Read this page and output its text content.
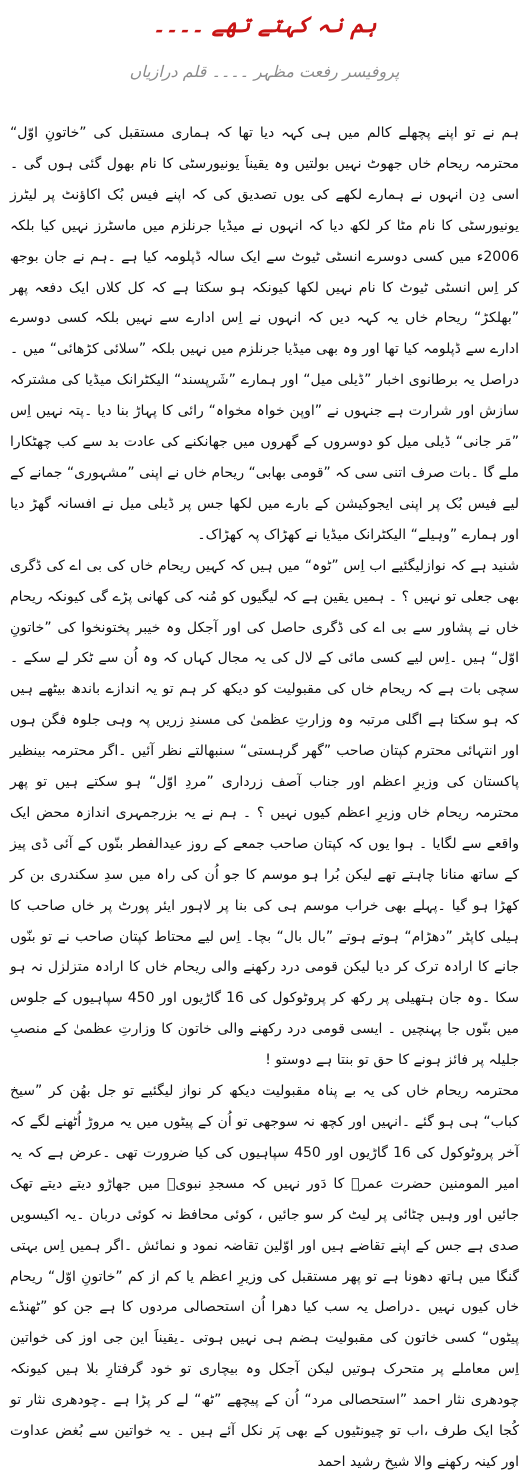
ہم نہ کہتے تھے ۔۔۔۔
پروفیسر رفعت مظہر ۔۔۔۔ قلم درازیاں

ہم نے تو اپنے پچھلے کالم میں ہی کہہ دیا تھا کہ ہماری مستقبل کی ”خاتونِ اوّل“ محترمہ ریحام خاں جھوٹ نہیں بولتیں وہ یقیناََ یونیورسٹی کا نام بھول گئی ہوں گی ۔اسی دِن انہوں نے ہمارے لکھے کی یوں تصدیق کی کہ اپنے فیس بُک اکاؤنٹ پر لیٹرز یونیورسٹی کا نام مٹا کر لکھ دیا کہ انہوں نے میڈیا جرنلزم میں ماسٹرز نہیں کیا بلکہ 2006ء میں کسی دوسرے انسٹی ٹیوٹ سے ایک سالہ ڈپلومہ کیا ہے ۔ہم نے جان بوجھ کر اِس انسٹی ٹیوٹ کا نام نہیں لکھا کیونکہ ہو سکتا ہے کہ کل کلاں ایک دفعہ پھر ”بھلکڑ“ ریحام خاں یہ کہہ دیں کہ انہوں نے اِس ادارے سے نہیں بلکہ کسی دوسرے ادارے سے ڈپلومہ کیا تھا اور وہ بھی میڈیا جرنلزم میں نہیں بلکہ ”سلائی کڑھائی“ میں ۔دراصل یہ برطانوی اخبار ”ڈیلی میل“ اور ہمارے ”شَرپسند“ الیکٹرانک میڈیا کی مشترکہ سازش اور شرارت ہے جنہوں نے ”اوپن خواہ مخواہ“ رائی کا پہاڑ بنا دیا ۔پتہ نہیں اِس ”مَر جانی“ ڈیلی میل کو دوسروں کے گھروں میں جھانکنے کی عادت بد سے کب چھٹکارا ملے گا ۔بات صرف اتنی سی کہ ”قومی بھابی“ ریحام خاں نے اپنی ”مشہوری“ جمانے کے لیے فیس بُک پر اپنی ایجوکیشن کے بارے میں لکھا جس پر ڈیلی میل نے افسانہ گھڑ دیا اور ہمارے ”وہیلے“ الیکٹرانک میڈیا نے کھڑاک پہ کھڑاک۔

شنید ہے کہ نوازلیگئیے اب اِس ”ٹوہ“ میں ہیں کہ کہیں ریحام خاں کی بی اے کی ڈگری بھی جعلی تو نہیں ؟ ۔ ہمیں یقین ہے کہ لیگیوں کو مُنہ کی کھانی پڑے گی کیونکہ ریحام خاں نے پشاور سے بی اے کی ڈگری حاصل کی اور آجکل وہ خیبر پختونخوا کی ”خاتونِ اوّل“ ہیں ۔اِس لیے کسی مائی کے لال کی یہ مجال کہاں کہ وہ اُن سے ٹکر لے سکے ۔سچی بات ہے کہ ریحام خاں کی مقبولیت کو دیکھ کر ہم تو یہ اندازے باندھ بیٹھے ہیں کہ ہو سکتا ہے اگلی مرتبہ وہ وزارتِ عظمیٰ کی مسندِ زریں پہ وہی جلوہ فگن ہوں اور انتہائی محترم کپتان صاحب ”گھر گرہستی“ سنبھالتے نظر آئیں ۔اگر محترمہ بینظیر پاکستان کی وزیرِ اعظم اور جناب آصف زرداری ”مردِ اوّل“ ہو سکتے ہیں تو پھر محترمہ ریحام خاں وزیرِ اعظم کیوں نہیں ؟ ۔ ہم نے یہ بزرجمہری اندازہ محض ایک واقعے سے لگایا ۔ ہوا یوں کہ کپتان صاحب جمعے کے روز عیدالفطر بنّوں کے آئی ڈی پیز کے ساتھ منانا چاہتے تھے لیکن بُرا ہو موسم کا جو اُن کی راہ میں سدِ سکندری بن کر کھڑا ہو گیا ۔پہلے بھی خراب موسم ہی کی بنا پر لاہور ایئر پورٹ پر خاں صاحب کا ہیلی کاپٹر ”دھڑام“ ہوتے ہوتے ”بال بال“ بچا۔ اِس لیے محتاط کپتان صاحب نے تو بنّوں جانے کا ارادہ ترک کر دیا لیکن قومی درد رکھنے والی ریحام خاں کا ارادہ متزلزل نہ ہو سکا ۔وہ جان ہتھیلی پر رکھ کر پروٹوکول کی 16 گاڑیوں اور 450 سپاہیوں کے جلوس میں بنّوں جا پہنچیں ۔ ایسی قومی درد رکھنے والی خاتون کا وزارتِ عظمیٰ کے منصبِ جلیلہ پر فائز ہونے کا حق تو بنتا ہے دوستو !

محترمہ ریحام خاں کی یہ بے پناہ مقبولیت دیکھ کر نواز لیگئیے تو جل بھُن کر ”سیخ کباب“ ہی ہو گئے ۔انہیں اور کچھ نہ سوجھی تو اُن کے پیٹوں میں یہ مروڑ اُٹھنے لگے کہ آخر پروٹوکول کی 16 گاڑیوں اور 450 سپاہیوں کی کیا ضرورت تھی ۔عرض ہے کہ یہ امیر المومنین حضرت عمرؓ کا دَور نہیں کہ مسجدِ نبویؐ میں جھاڑو دیتے دیتے تھک جائیں اور وہیں چٹائی پر لیٹ کر سو جائیں ، کوئی محافظ نہ کوئی دربان ۔یہ اکیسویں صدی ہے جس کے اپنے تقاضے ہیں اور اوّلین تقاضہ نمود و نمائش ۔اگر ہمیں اِس بہتی گنگا میں ہاتھ دھونا ہے تو پھر مستقبل کی وزیرِ اعظم یا کم از کم ”خاتونِ اوّل“ ریحام خاں کیوں نہیں ۔دراصل یہ سب کیا دھرا اُن استحصالی مردوں کا ہے جن کو ”ٹھنڈے پیٹوں“ کسی خاتون کی مقبولیت ہضم ہی نہیں ہوتی ۔یقیناََ این جی اوز کی خواتین اِس معاملے پر متحرک ہوتیں لیکن آجکل وہ بیچاری تو خود گرفتارِ بلا ہیں کیونکہ چودھری نثار احمد ”استحصالی مرد“ اُن کے پیچھے ”ٹھ“ لے کر پڑا ہے ۔چودھری نثار تو کُجا ایک طرف ،اب تو چیونٹیوں کے بھی پَر نکل آئے ہیں ۔ یہ خواتین سے بُغض عداوت اور کینہ رکھنے والا شیخ رشید احمد
